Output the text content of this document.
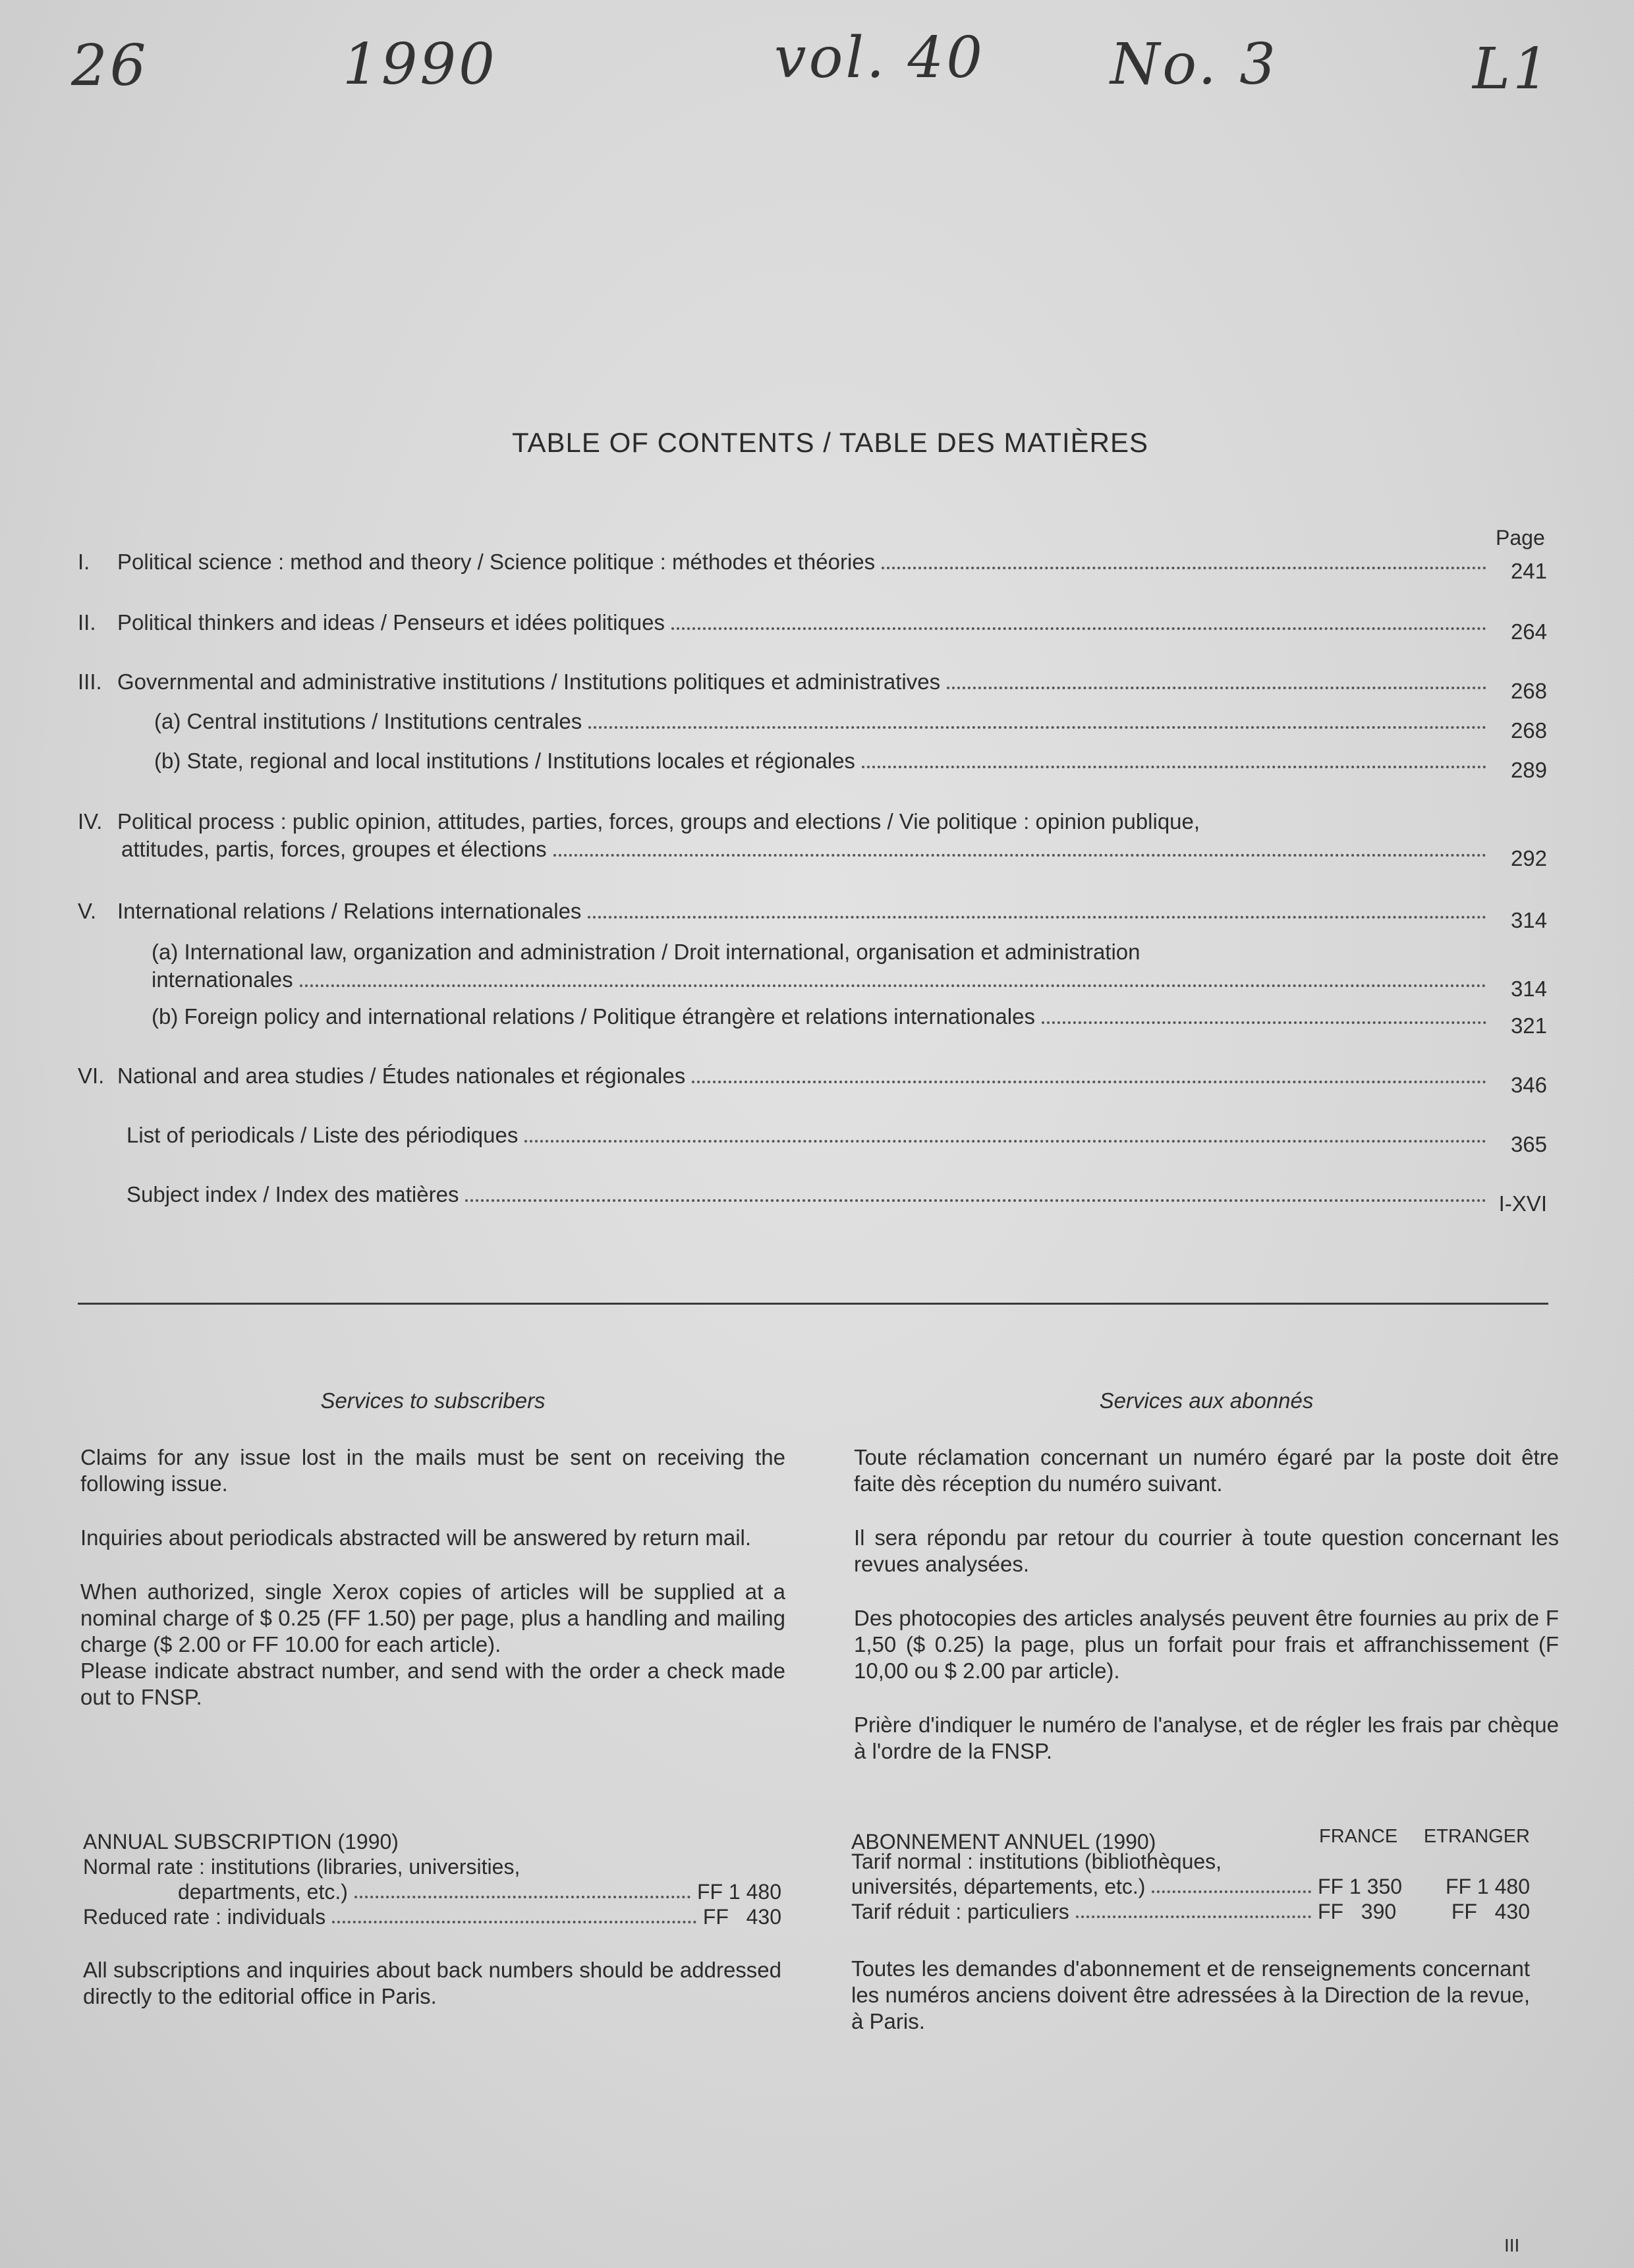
26	1990	vol. 40 No. 3	L1
TABLE OF CONTENTS / TABLE DES MATIÈRES
Page
I.	Political science : method and theory / Science politique : méthodes et théories	241
II. Political thinkers and ideas / Penseurs et idées politiques	264
III. Governmental and administrative institutions / Institutions politiques et administratives	268
(a) Central institutions / Institutions centrales	268
(b) State, regional and local institutions / Institutions locales et régionales	289
IV. Political process : public opinion, attitudes, parties, forces, groups and elections / Vie politique : opinion publique,
attitudes, partis, forces, groupes et élections	292
V. International relations / Relations internationales	314
(a) International law, organization and administration / Droit international, organisation et administration
internationales	314
(b) Foreign policy and international relations / Politique étrangère et relations internationales	321
VI. National and area studies / Études nationales et régionales	346
List of periodicals / Liste des périodiques	365
Subject index / Index des matières	I-XVI
Services to subscribers

Claims for any issue lost in the mails must be sent on receiving the following issue.

Inquiries about periodicals abstracted will be answered by return mail.

When authorized, single Xerox copies of articles will be supplied at a nominal charge of $ 0.25 (FF 1.50) per page, plus a handling and mailing charge ($ 2.00 or FF 10.00 for each article).

Please indicate abstract number, and send with the order a check made out to FNSP.

Services aux abonnés

Toute réclamation concernant un numéro égaré par la poste doit être faite dès réception du numéro suivant.

Il sera répondu par retour du courrier à toute question concernant les revues analysées.

Des photocopies des articles analysés peuvent être fournies au prix de F 1,50 ($ 0.25) la page, plus un forfait pour frais et affranchissement (F 10,00 ou $ 2.00 par article).

Prière d'indiquer le numéro de l'analyse, et de régler les frais par chèque à l'ordre de la FNSP.

ANNUAL SUBSCRIPTION (1990)
Normal rate : institutions (libraries, universities,
departments, etc.)	FF 1 480
Reduced rate : individuals	FF   430
All subscriptions and inquiries about back numbers should be addressed directly to the editorial office in Paris.
ABONNEMENT ANNUEL (1990)	FRANCE	ETRANGER
Tarif normal : institutions (bibliothèques,
universités, départements, etc.)	FF 1 350	FF 1 480
Tarif réduit : particuliers	FF   390	FF   430
Toutes les demandes d'abonnement et de renseignements concernant les numéros anciens doivent être adressées à la Direction de la revue, à Paris.
III
